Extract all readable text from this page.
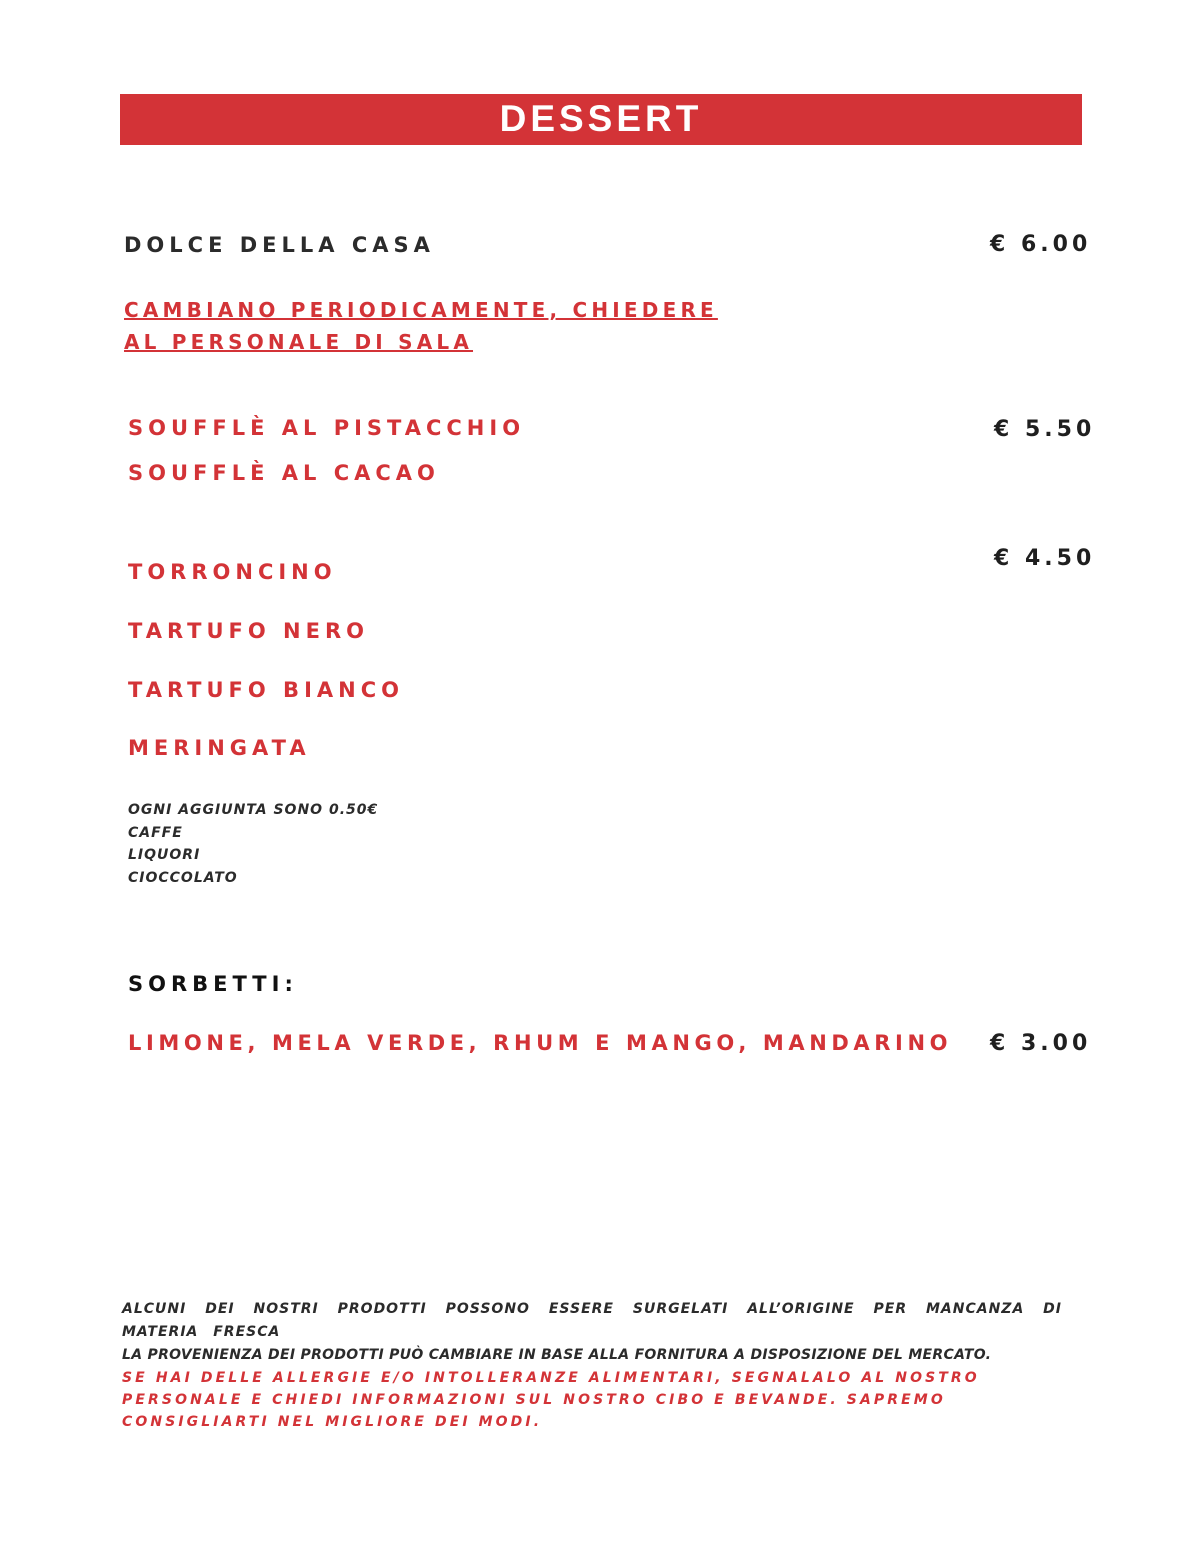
DESSERT
DOLCE DELLA CASA	€ 6.00
CAMBIANO PERIODICAMENTE, CHIEDERE
AL PERSONALE DI SALA
SOUFFLÈ AL PISTACCHIO	€ 5.50
SOUFFLÈ AL CACAO
€ 4.50
TORRONCINO
TARTUFO NERO
TARTUFO BIANCO
MERINGATA
OGNI AGGIUNTA SONO 0.50€
CAFFE
LIQUORI
CIOCCOLATO
SORBETTI:
LIMONE, MELA VERDE, RHUM E MANGO, MANDARINO € 3.00
ALCUNI DEI NOSTRI PRODOTTI POSSONO ESSERE SURGELATI ALL’ORIGINE PER MANCANZA DI MATERIA FRESCA
LA PROVENIENZA DEI PRODOTTI PUÒ CAMBIARE IN BASE ALLA FORNITURA A DISPOSIZIONE DEL MERCATO.
SE HAI DELLE ALLERGIE E/O INTOLLERANZE ALIMENTARI, SEGNALALO AL NOSTRO PERSONALE E CHIEDI INFORMAZIONI SUL NOSTRO CIBO E BEVANDE. SAPREMO CONSIGLIARTI NEL MIGLIORE DEI MODI.
